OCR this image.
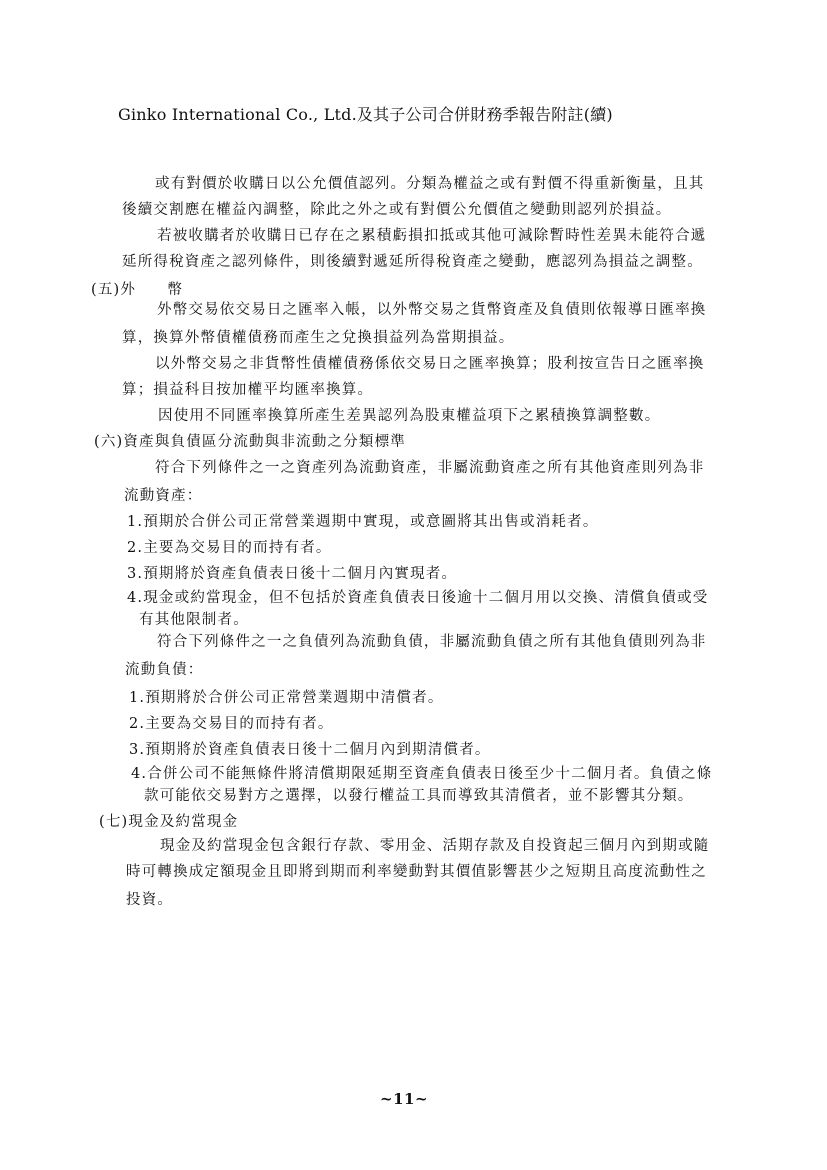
Ginko International Co., Ltd.及其子公司合併財務季報告附註(續)
或有對價於收購日以公允價值認列。分類為權益之或有對價不得重新衡量，且其
後續交割應在權益內調整，除此之外之或有對價公允價值之變動則認列於損益。
若被收購者於收購日已存在之累積虧損扣抵或其他可減除暫時性差異未能符合遞
延所得稅資產之認列條件，則後續對遞延所得稅資產之變動，應認列為損益之調整。
(五)外　　幣
外幣交易依交易日之匯率入帳，以外幣交易之貨幣資產及負債則依報導日匯率換
算，換算外幣債權債務而產生之兌換損益列為當期損益。
以外幣交易之非貨幣性債權債務係依交易日之匯率換算；股利按宣告日之匯率換
算；損益科目按加權平均匯率換算。
因使用不同匯率換算所產生差異認列為股東權益項下之累積換算調整數。
(六)資產與負債區分流動與非流動之分類標準
符合下列條件之一之資產列為流動資產，非屬流動資產之所有其他資產則列為非
流動資產：
1.預期於合併公司正常營業週期中實現，或意圖將其出售或消耗者。
2.主要為交易目的而持有者。
3.預期將於資產負債表日後十二個月內實現者。
4.現金或約當現金，但不包括於資產負債表日後逾十二個月用以交換、清償負債或受
有其他限制者。
符合下列條件之一之負債列為流動負債，非屬流動負債之所有其他負債則列為非
流動負債：
1.預期將於合併公司正常營業週期中清償者。
2.主要為交易目的而持有者。
3.預期將於資產負債表日後十二個月內到期清償者。
4.合併公司不能無條件將清償期限延期至資產負債表日後至少十二個月者。負債之條
款可能依交易對方之選擇，以發行權益工具而導致其清償者，並不影響其分類。
(七)現金及約當現金
現金及約當現金包含銀行存款、零用金、活期存款及自投資起三個月內到期或隨
時可轉換成定額現金且即將到期而利率變動對其價值影響甚少之短期且高度流動性之
投資。
~11~
